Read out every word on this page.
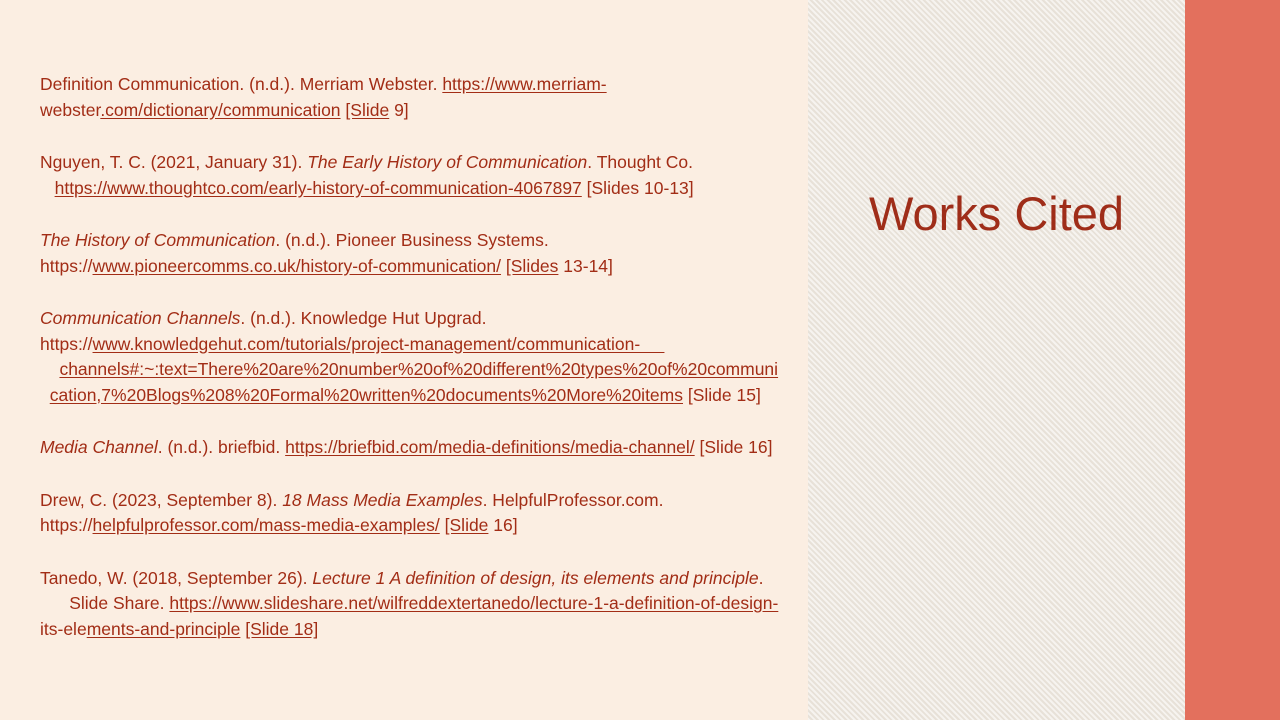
Works Cited
Definition Communication. (n.d.). Merriam Webster. https://www.merriam-
webster.com/dictionary/communication [Slide 9]
Nguyen, T. C. (2021, January 31). The Early History of Communication. Thought Co.
https://www.thoughtco.com/early-history-of-communication-4067897 [Slides 10-13]
The History of Communication. (n.d.). Pioneer Business Systems.
https://www.pioneercomms.co.uk/history-of-communication/ [Slides 13-14]
Communication Channels. (n.d.). Knowledge Hut Upgrad.
https://www.knowledgehut.com/tutorials/project-management/communication-
channels#:~:text=There%20are%20number%20of%20different%20types%20of%20communi
cation,7%20Blogs%208%20Formal%20written%20documents%20More%20items [Slide 15]
Media Channel. (n.d.). briefbid. https://briefbid.com/media-definitions/media-channel/ [Slide 16]
Drew, C. (2023, September 8). 18 Mass Media Examples. HelpfulProfessor.com.
https://helpfulprofessor.com/mass-media-examples/ [Slide 16]
Tanedo, W. (2018, September 26). Lecture 1 A definition of design, its elements and principle.
Slide Share. https://www.slideshare.net/wilfreddextertanedo/lecture-1-a-definition-of-design-
its-elements-and-principle [Slide 18]
